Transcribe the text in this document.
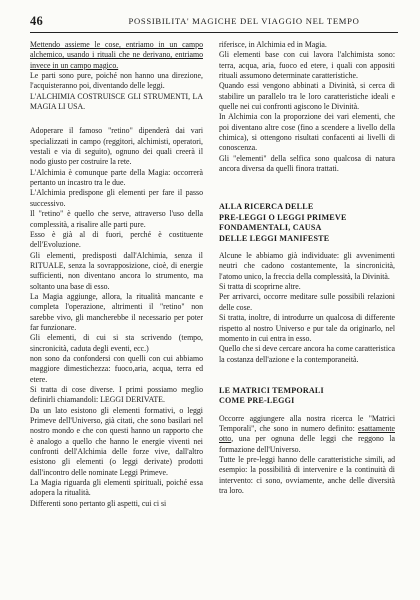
46	POSSIBILITA' MAGICHE DEL VIAGGIO NEL TEMPO

Mettendo assieme le cose, entriamo in un campo alchemico, usando i rituali che ne derivano, entriamo invece in un campo magico.

Le parti sono pure, poiché non hanno una direzione, l'acquisteranno poi, diventando delle leggi.

L'ALCHIMIA COSTRUISCE GLI STRUMENTI, LA MAGIA LI USA.

Adoperare il famoso "retino" dipenderà dai vari specializzati in campo (reggitori, alchimisti, operatori, vestali e via di seguito), ognuno dei quali creerà il nodo giusto per costruire la rete.

L'Alchimia è comunque parte della Magia: occorrerà pertanto un incastro tra le due.

L'Alchimia predispone gli elementi per fare il passo successivo.

Il "retino" è quello che serve, attraverso l'uso della complessità, a risalire alle parti pure.

Esso è già al di fuori, perché è costituente dell'Evoluzione.

Gli elementi, predisposti dall'Alchimia, senza il RITUALE, senza la sovrapposizione, cioè, di energie sufficienti, non diventano ancora lo strumento, ma soltanto una base di esso.

La Magia aggiunge, allora, la ritualità mancante e completa l'operazione, altrimenti il "retino" non sarebbe vivo, gli mancherebbe il necessario per poter far funzionare.

Gli elementi, di cui si sta scrivendo (tempo, sincronicità, caduta degli eventi, ecc.)

non sono da confondersi con quelli con cui abbiamo maggiore dimestichezza: fuoco,aria, acqua, terra ed etere.

Si tratta di cose diverse. I primi possiamo meglio definirli chiamandoli: LEGGI DERIVATE.

Da un lato esistono gli elementi formativi, o leggi Primeve dell'Universo, già citati, che sono basilari nel nostro mondo e che con questi hanno un rapporto che è analogo a quello che hanno le energie viventi nei confronti dell'Alchimia delle forze vive, dall'altro esistono gli elementi (o leggi derivate) prodotti dall'incontro delle nominate Leggi Primeve.

La Magia riguarda gli elementi spirituali, poiché essa adopera la ritualità.

Differenti sono pertanto gli aspetti, cui ci si

riferisce, in Alchimia ed in Magia.

Gli elementi base con cui lavora l'alchimista sono: terra, acqua, aria, fuoco ed etere, i quali con appositi rituali assumono determinate caratteristiche.

Quando essi vengono abbinati a Divinità, si cerca di stabilire un parallelo tra le loro caratteristiche ideali e quelle nei cui confronti agiscono le Divinità.

In Alchimia con la proporzione dei vari elementi, che poi diventano altre cose (fino a scendere a livello della chimica), si ottengono risultati confacenti ai livelli di conoscenza.

Gli "elementi" della selfica sono qualcosa di natura ancora diversa da quelli finora trattati.

ALLA RICERCA DELLE

PRE-LEGGI O LEGGI PRIMEVE

FONDAMENTALI, CAUSA

DELLE LEGGI MANIFESTE

Alcune le abbiamo già individuate: gli avvenimenti neutri che cadono costantemente, la sincronicità, l'atomo unico, la freccia della complessità, la Divinità.

Si tratta di scoprirne altre.

Per arrivarci, occorre meditare sulle possibili relazioni delle cose.

Si tratta, inoltre, di introdurre un qualcosa di differente rispetto al nostro Universo e pur tale da originarlo, nel momento in cui entra in esso.

Quello che si deve cercare ancora ha come caratteristica la costanza dell'azione e la contemporaneità.

LE MATRICI TEMPORALI

COME PRE-LEGGI

Occorre aggiungere alla nostra ricerca le "Matrici Temporali", che sono in numero definito: esattamente otto, una per ognuna delle leggi che reggono la formazione dell'Universo.

Tutte le pre-leggi hanno delle caratteristiche simili, ad esempio: la possibilità di intervenire e la continuità di intervento: ci sono, ovviamente, anche delle diversità tra loro.
